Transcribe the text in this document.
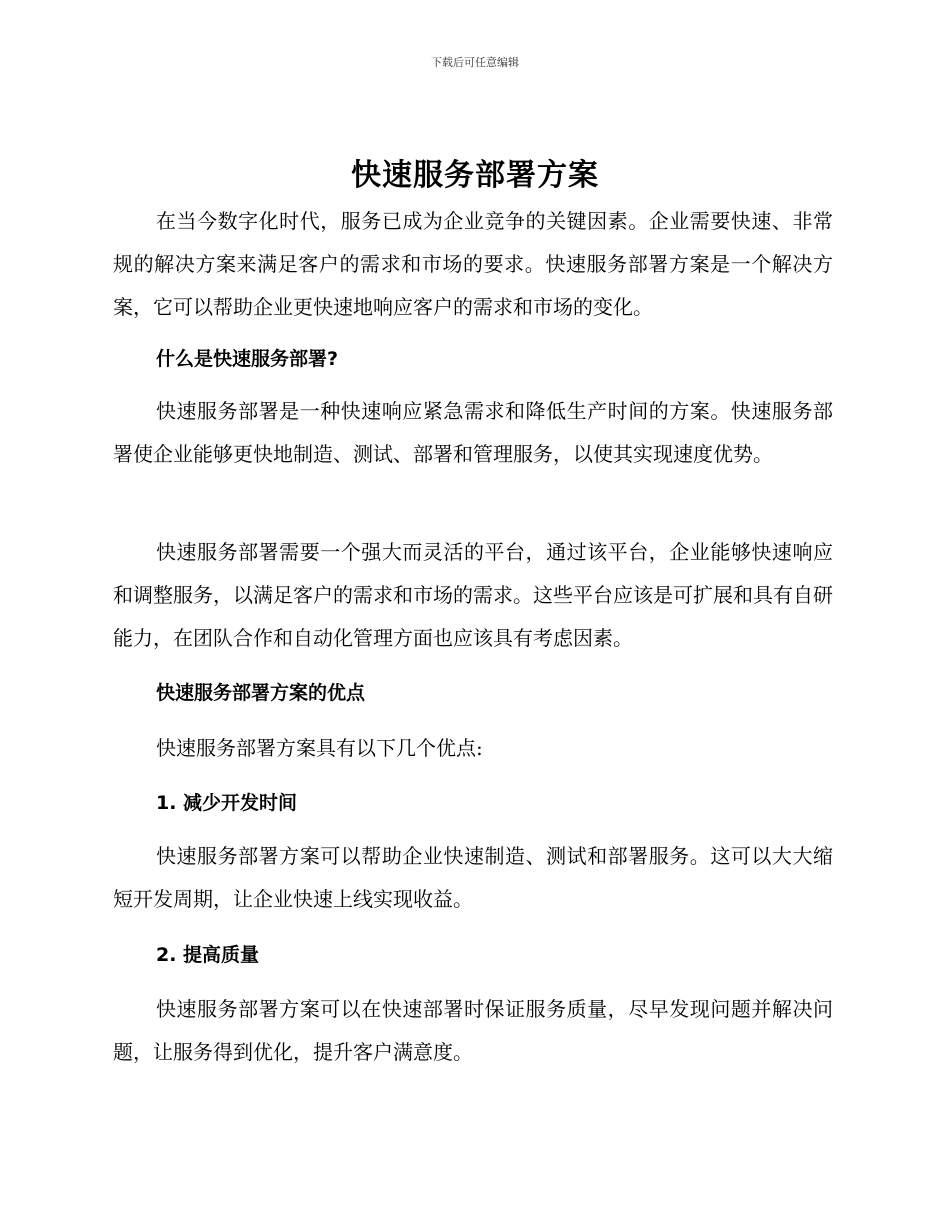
下载后可任意编辑
快速服务部署方案

在当今数字化时代，服务已成为企业竞争的关键因素。企业需要快速、非常规的解决方案来满足客户的需求和市场的要求。快速服务部署方案是一个解决方案，它可以帮助企业更快速地响应客户的需求和市场的变化。

什么是快速服务部署?

快速服务部署是一种快速响应紧急需求和降低生产时间的方案。快速服务部署使企业能够更快地制造、测试、部署和管理服务，以使其实现速度优势。

快速服务部署需要一个强大而灵活的平台，通过该平台，企业能够快速响应和调整服务，以满足客户的需求和市场的需求。这些平台应该是可扩展和具有自研能力，在团队合作和自动化管理方面也应该具有考虑因素。

快速服务部署方案的优点
快速服务部署方案具有以下几个优点:
1. 减少开发时间

快速服务部署方案可以帮助企业快速制造、测试和部署服务。这可以大大缩短开发周期，让企业快速上线实现收益。

2. 提高质量

快速服务部署方案可以在快速部署时保证服务质量，尽早发现问题并解决问题，让服务得到优化，提升客户满意度。
